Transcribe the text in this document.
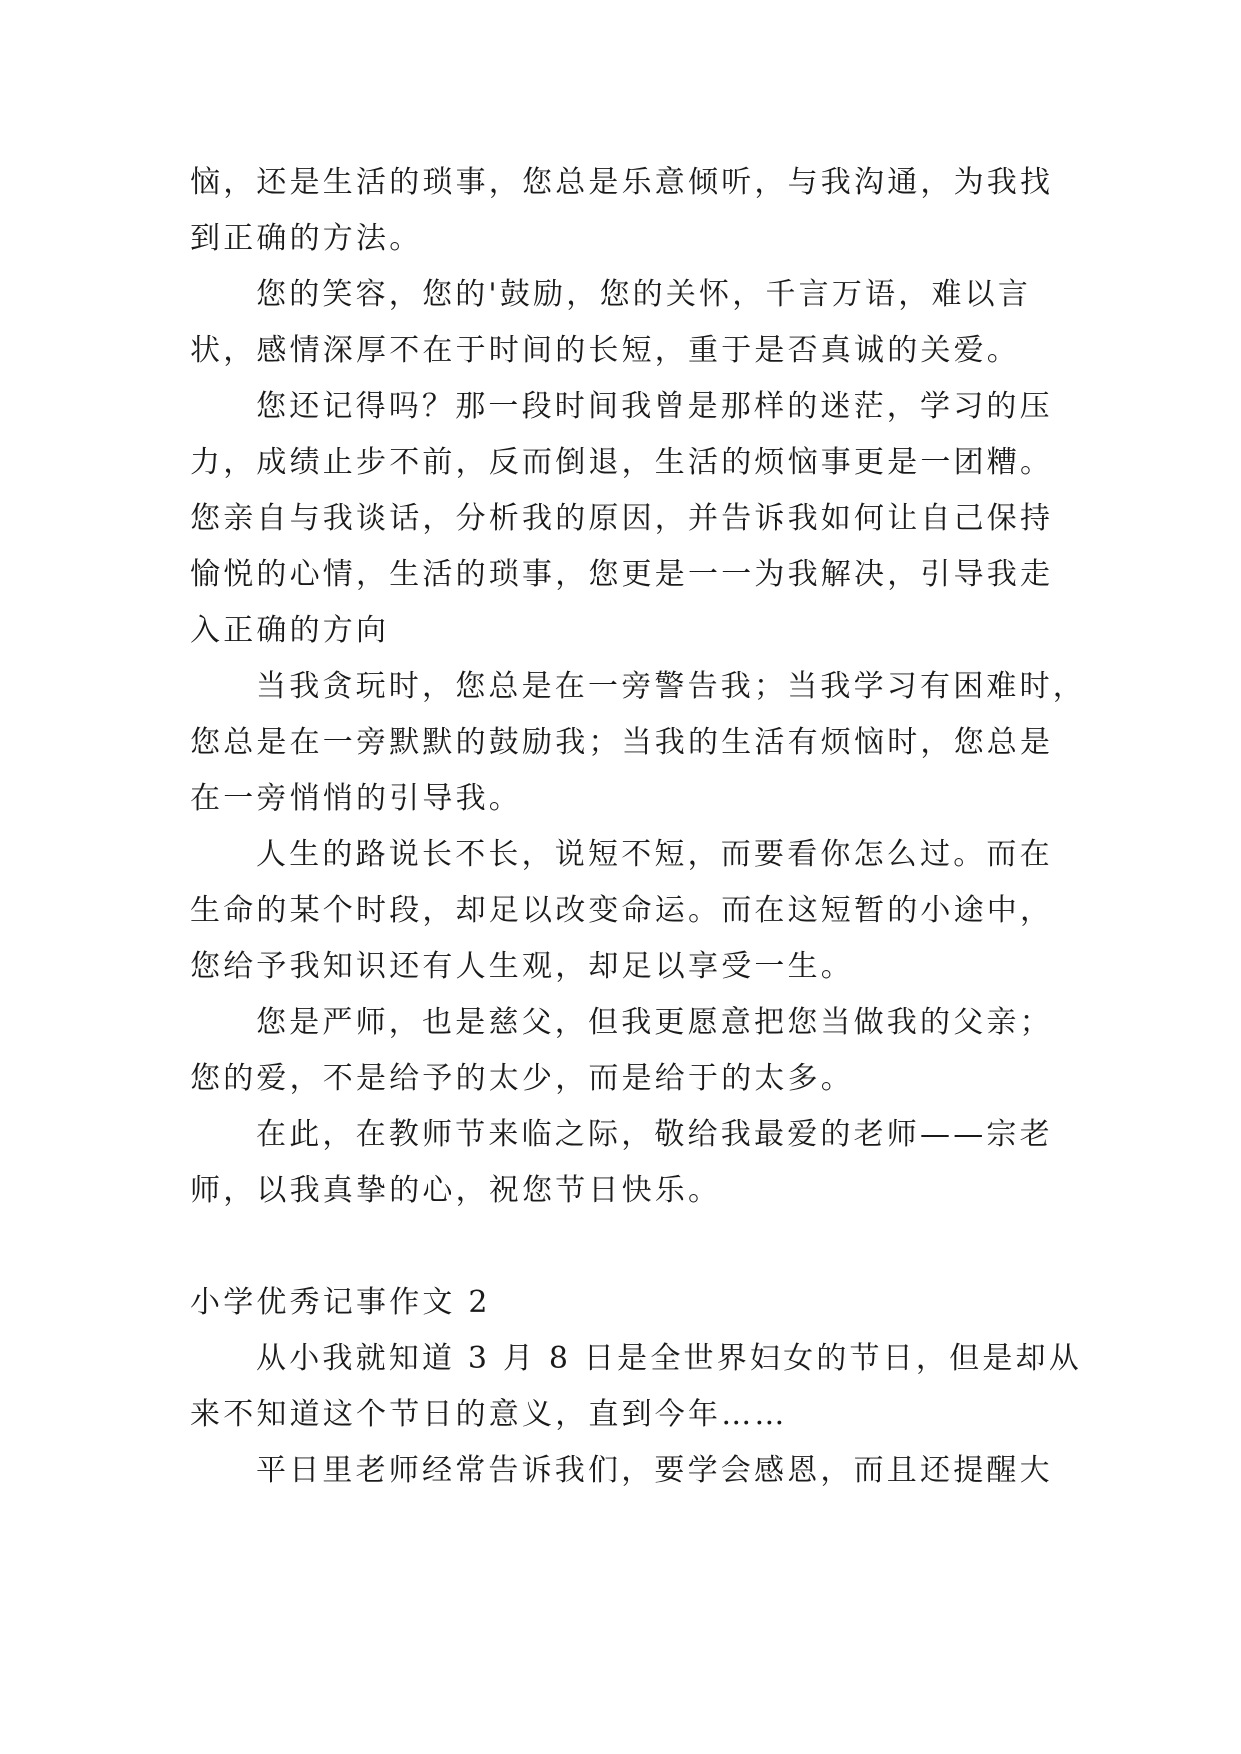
恼，还是生活的琐事，您总是乐意倾听，与我沟通，为我找
到正确的方法。
您的笑容，您的'鼓励，您的关怀，千言万语，难以言
状，感情深厚不在于时间的长短，重于是否真诚的关爱。
您还记得吗？那一段时间我曾是那样的迷茫，学习的压
力，成绩止步不前，反而倒退，生活的烦恼事更是一团糟。
您亲自与我谈话，分析我的原因，并告诉我如何让自己保持
愉悦的心情，生活的琐事，您更是一一为我解决，引导我走
入正确的方向
当我贪玩时，您总是在一旁警告我；当我学习有困难时，
您总是在一旁默默的鼓励我；当我的生活有烦恼时，您总是
在一旁悄悄的引导我。
人生的路说长不长，说短不短，而要看你怎么过。而在
生命的某个时段，却足以改变命运。而在这短暂的小途中，
您给予我知识还有人生观，却足以享受一生。
您是严师，也是慈父，但我更愿意把您当做我的父亲；
您的爱，不是给予的太少，而是给于的太多。
在此，在教师节来临之际，敬给我最爱的老师——宗老
师，以我真挚的心，祝您节日快乐。
小学优秀记事作文 2
从小我就知道 3 月 8 日是全世界妇女的节日，但是却从
来不知道这个节日的意义，直到今年……
平日里老师经常告诉我们，要学会感恩，而且还提醒大
